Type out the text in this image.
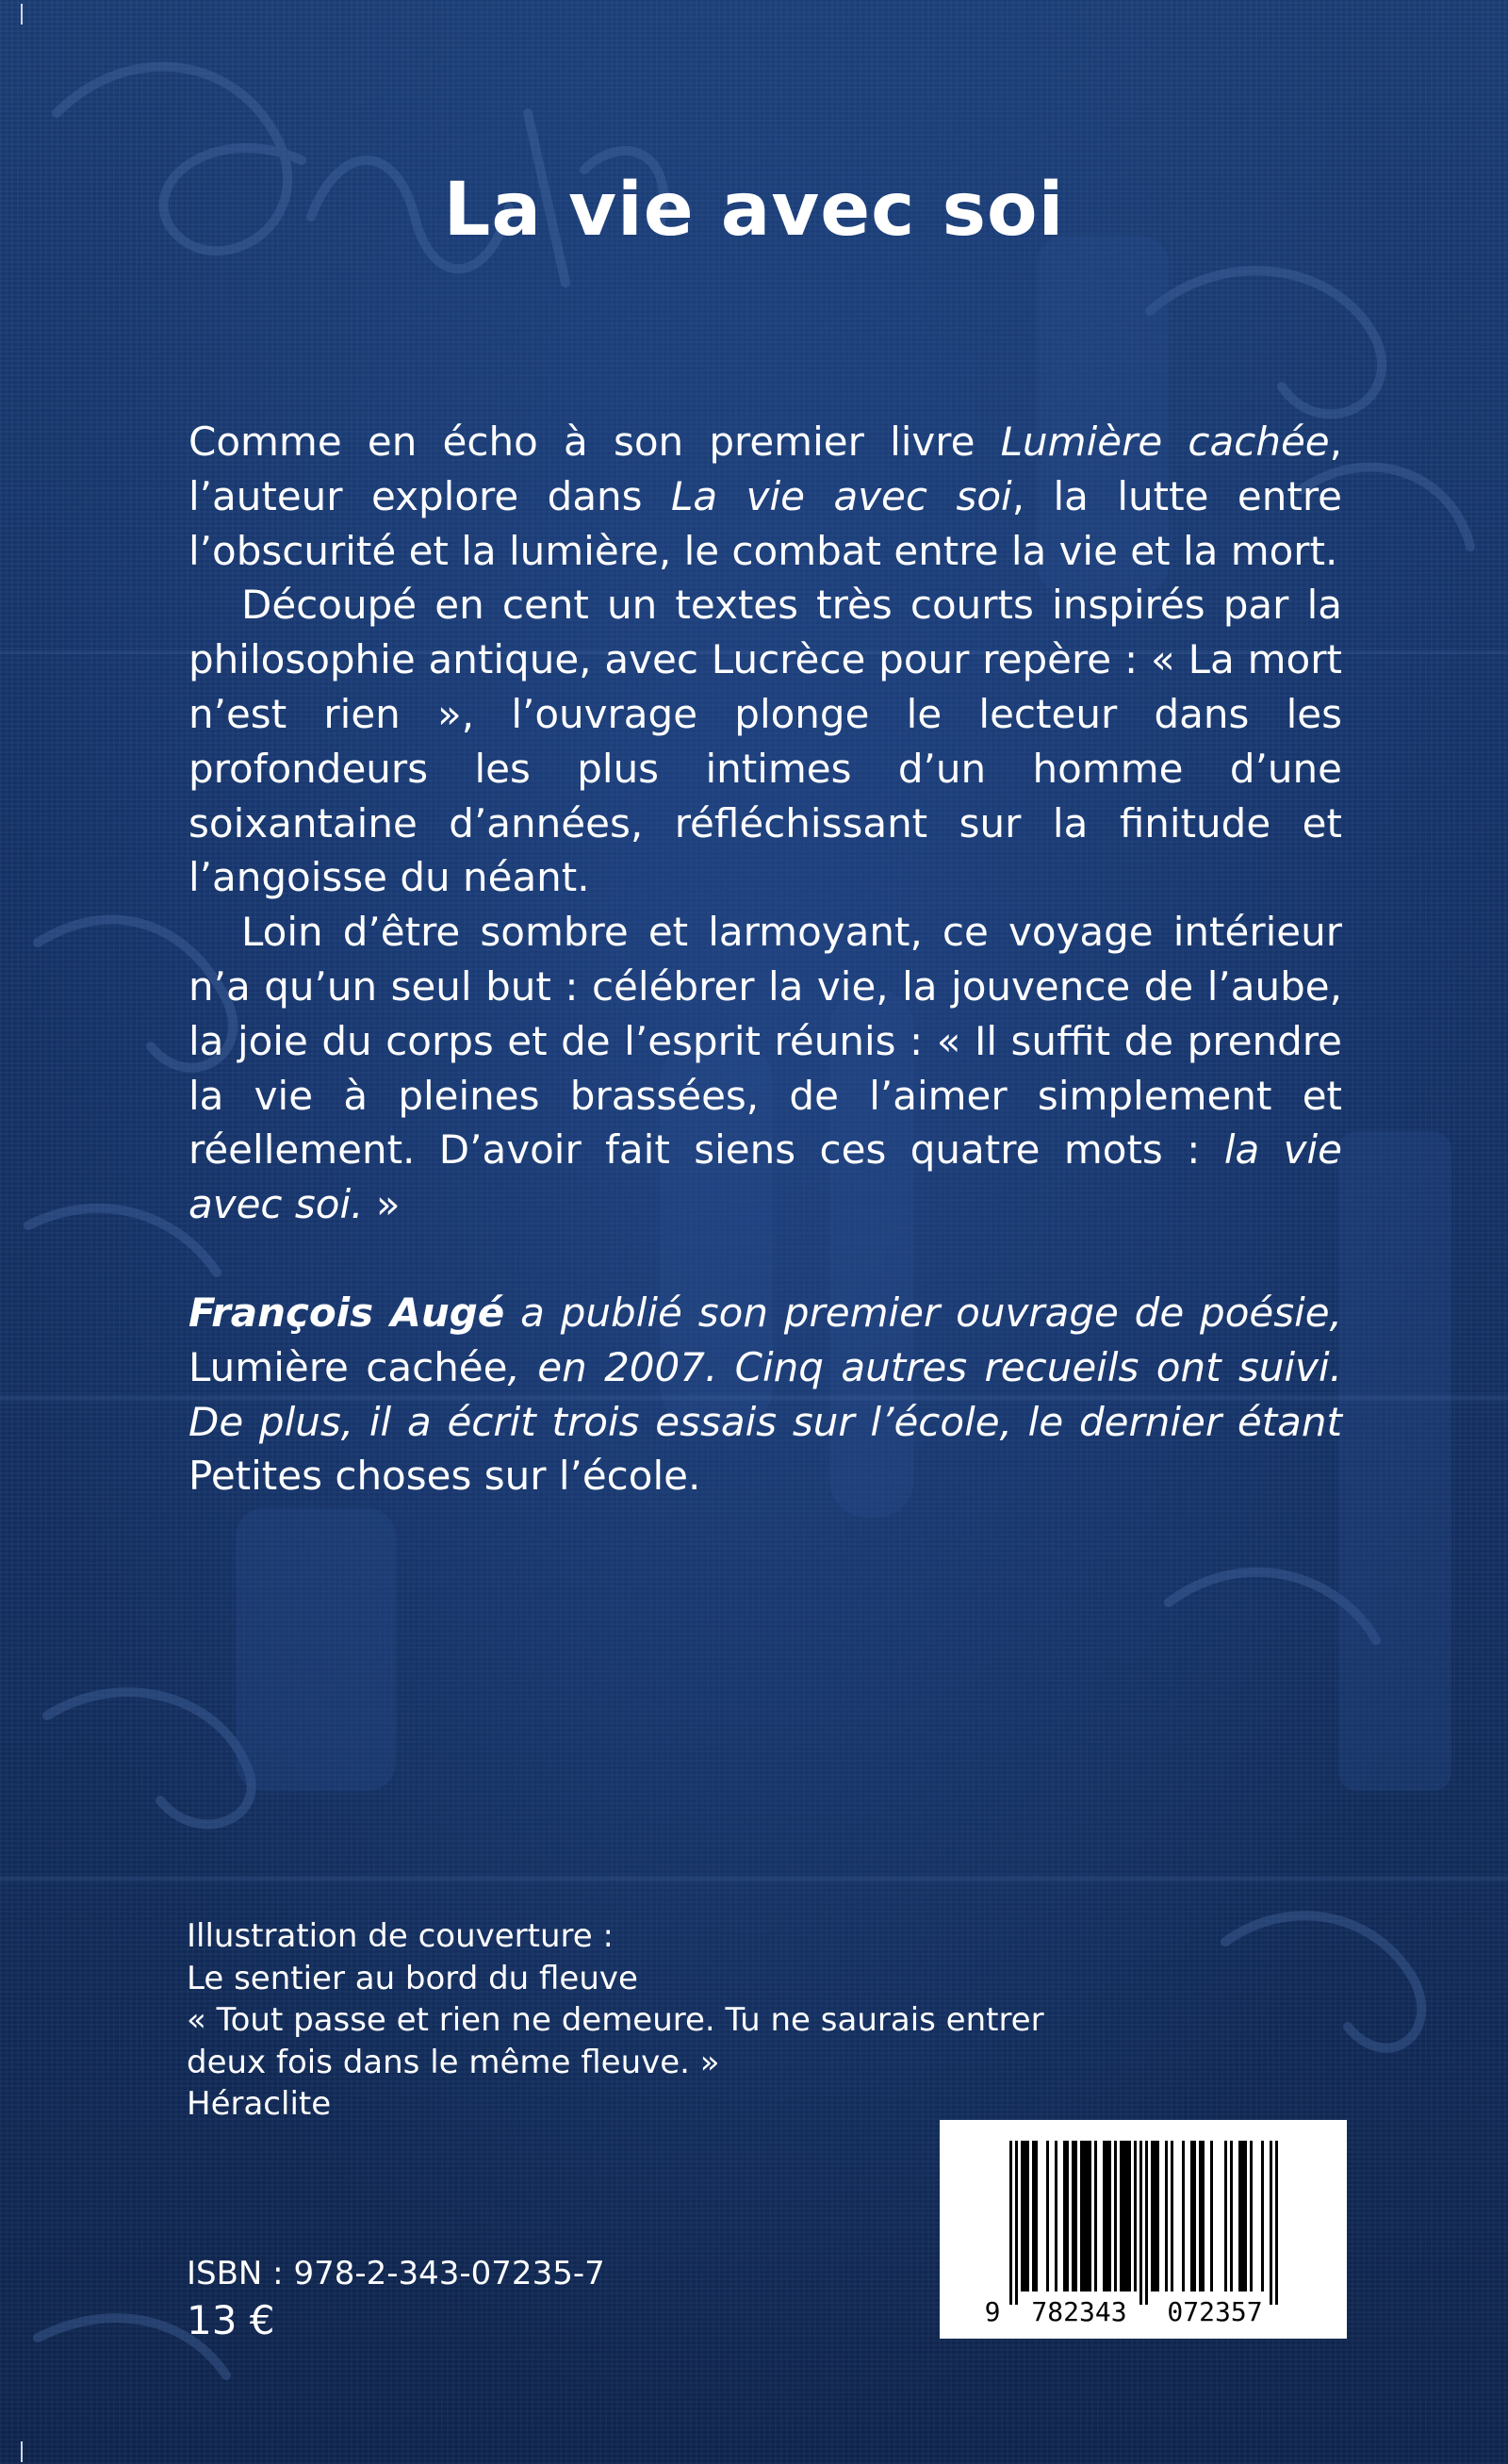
La vie avec soi

Comme en écho à son premier livre Lumière cachée, l’auteur explore dans La vie avec soi, la lutte entre l’obscurité et la lumière, le combat entre la vie et la mort.

Découpé en cent un textes très courts inspirés par la philosophie antique, avec Lucrèce pour repère : « La mort n’est rien », l’ouvrage plonge le lecteur dans les profondeurs les plus intimes d’un homme d’une soixantaine d’années, réfléchissant sur la finitude et l’angoisse du néant.

Loin d’être sombre et larmoyant, ce voyage intérieur n’a qu’un seul but : célébrer la vie, la jouvence de l’aube, la joie du corps et de l’esprit réunis : « Il suffit de prendre la vie à pleines brassées, de l’aimer simplement et réellement. D’avoir fait siens ces quatre mots : la vie avec soi. »

François Augé a publié son premier ouvrage de poésie, Lumière cachée, en 2007. Cinq autres recueils ont suivi. De plus, il a écrit trois essais sur l’école, le dernier étant Petites choses sur l’école.

Illustration de couverture :
Le sentier au bord du fleuve
« Tout passe et rien ne demeure. Tu ne saurais entrer
deux fois dans le même fleuve. »
Héraclite
ISBN : 978-2-343-07235-7
13 €	9 782343 072357
